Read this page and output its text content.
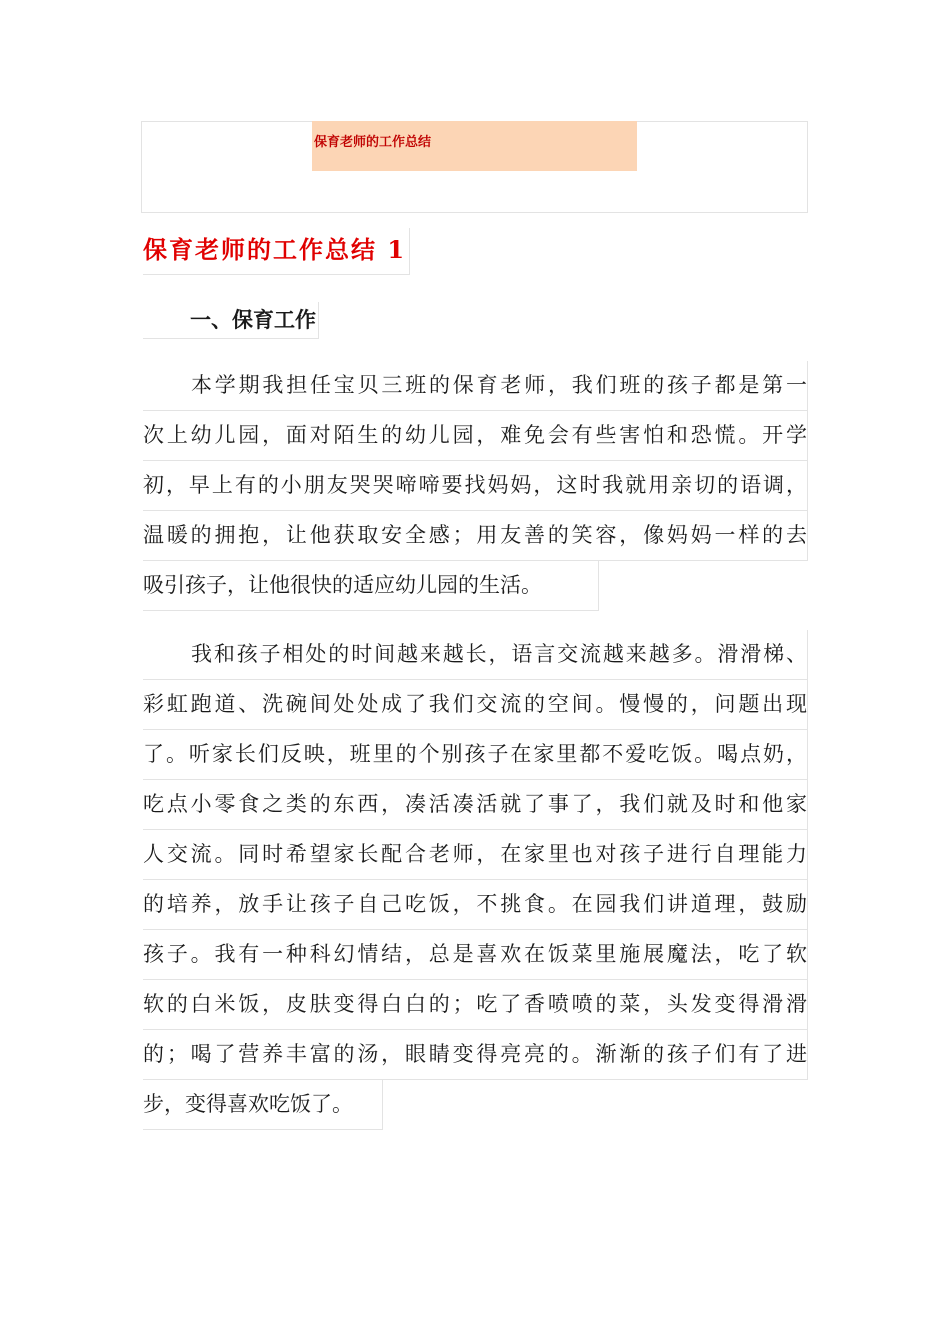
保育老师的工作总结
保育老师的工作总结 1
一、保育工作
本学期我担任宝贝三班的保育老师，我们班的孩子都是第一
次上幼儿园，面对陌生的幼儿园，难免会有些害怕和恐慌。开学
初，早上有的小朋友哭哭啼啼要找妈妈，这时我就用亲切的语调，
温暖的拥抱，让他获取安全感；用友善的笑容，像妈妈一样的去
吸引孩子，让他很快的适应幼儿园的生活。
我和孩子相处的时间越来越长，语言交流越来越多。滑滑梯、
彩虹跑道、洗碗间处处成了我们交流的空间。慢慢的，问题出现
了。听家长们反映，班里的个别孩子在家里都不爱吃饭。喝点奶，
吃点小零食之类的东西，凑活凑活就了事了，我们就及时和他家
人交流。同时希望家长配合老师，在家里也对孩子进行自理能力
的培养，放手让孩子自己吃饭，不挑食。在园我们讲道理，鼓励
孩子。我有一种科幻情结，总是喜欢在饭菜里施展魔法，吃了软
软的白米饭，皮肤变得白白的；吃了香喷喷的菜，头发变得滑滑
的；喝了营养丰富的汤，眼睛变得亮亮的。渐渐的孩子们有了进
步，变得喜欢吃饭了。
